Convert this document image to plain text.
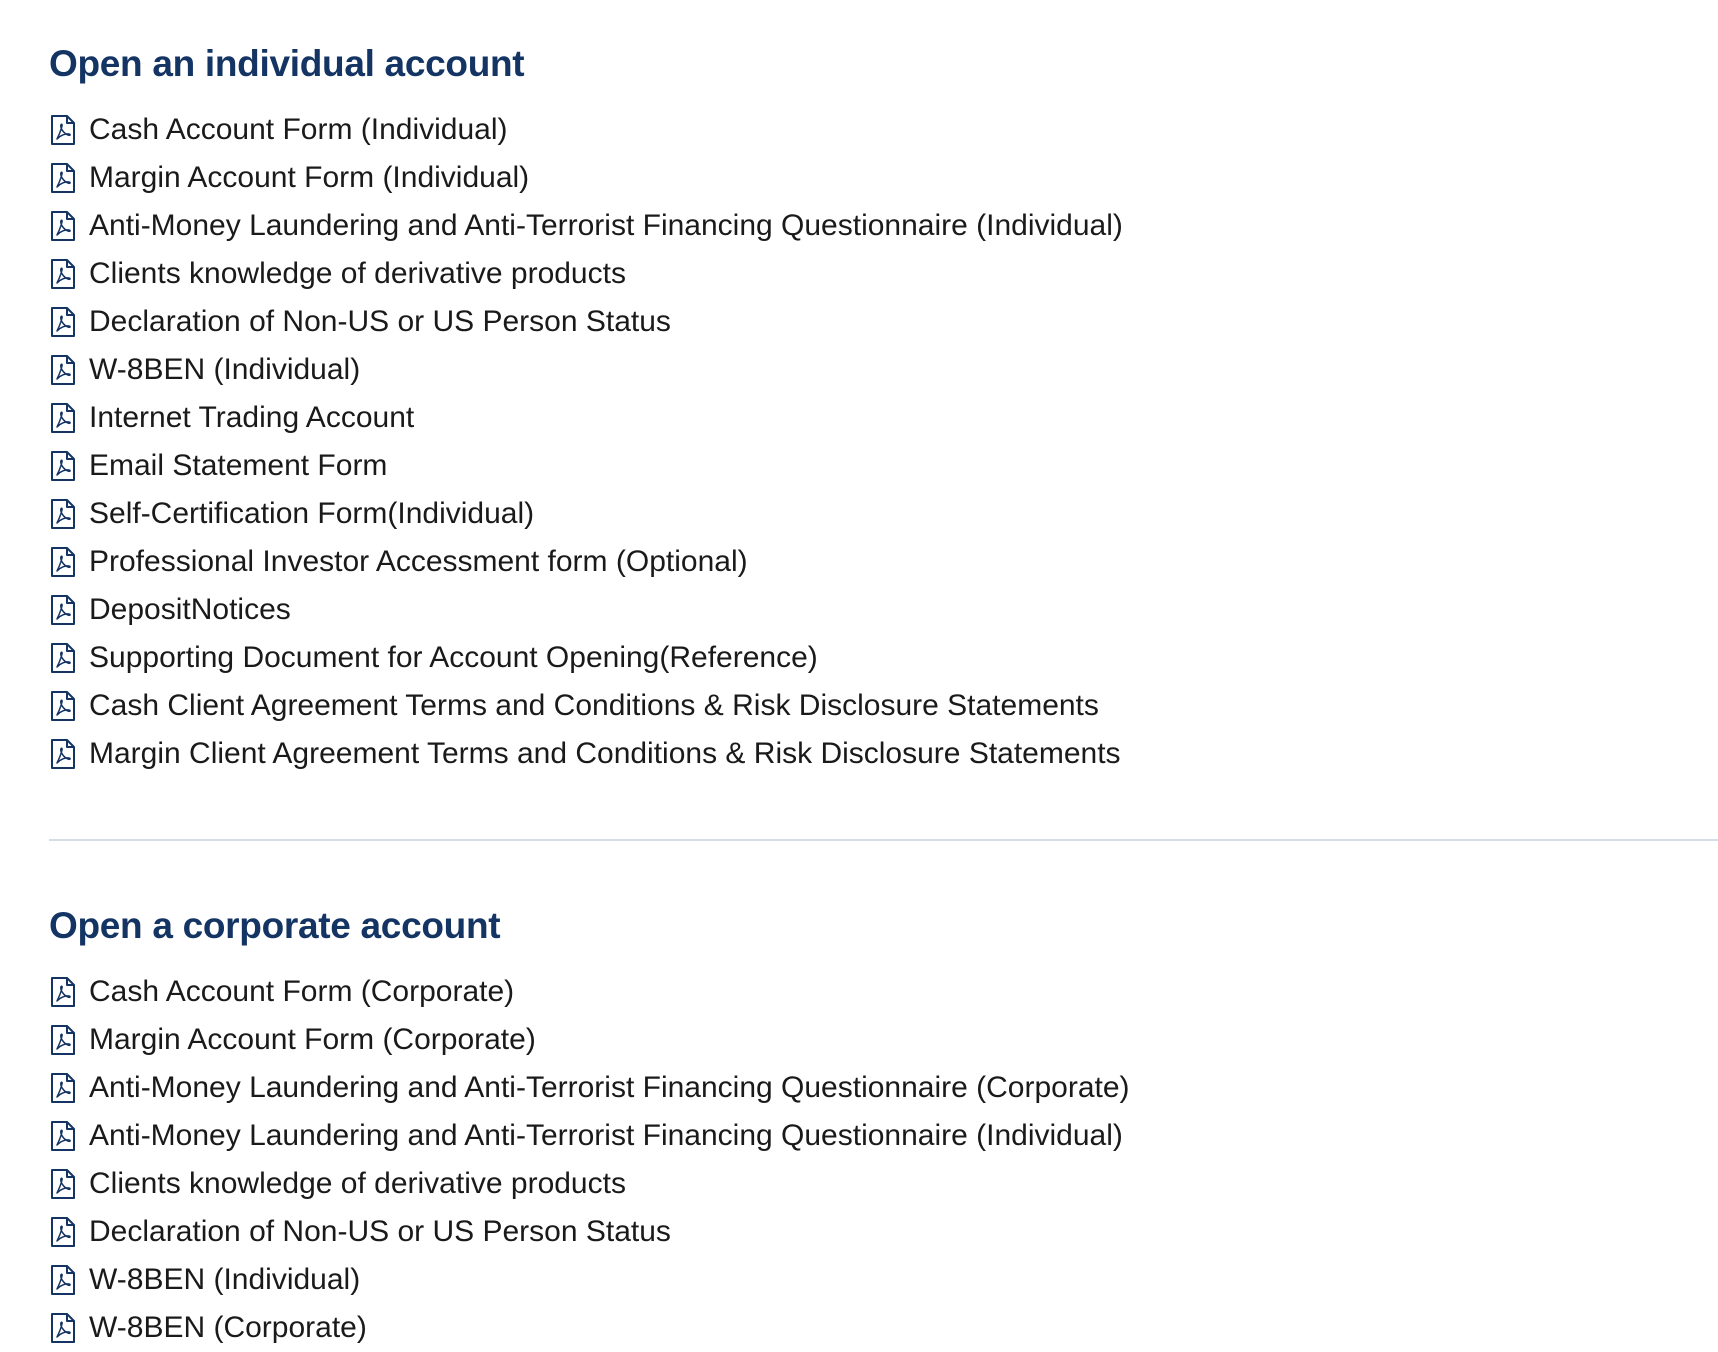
Open an individual account
Cash Account Form (Individual)
Margin Account Form (Individual)
Anti-Money Laundering and Anti-Terrorist Financing Questionnaire (Individual)
Clients knowledge of derivative products
Declaration of Non-US or US Person Status
W-8BEN (Individual)
Internet Trading Account
Email Statement Form
Self-Certification Form(Individual)
Professional Investor Accessment form (Optional)
DepositNotices
Supporting Document for Account Opening(Reference)
Cash Client Agreement Terms and Conditions & Risk Disclosure Statements
Margin Client Agreement Terms and Conditions & Risk Disclosure Statements
Open a corporate account
Cash Account Form (Corporate)
Margin Account Form (Corporate)
Anti-Money Laundering and Anti-Terrorist Financing Questionnaire (Corporate)
Anti-Money Laundering and Anti-Terrorist Financing Questionnaire (Individual)
Clients knowledge of derivative products
Declaration of Non-US or US Person Status
W-8BEN (Individual)
W-8BEN (Corporate)
